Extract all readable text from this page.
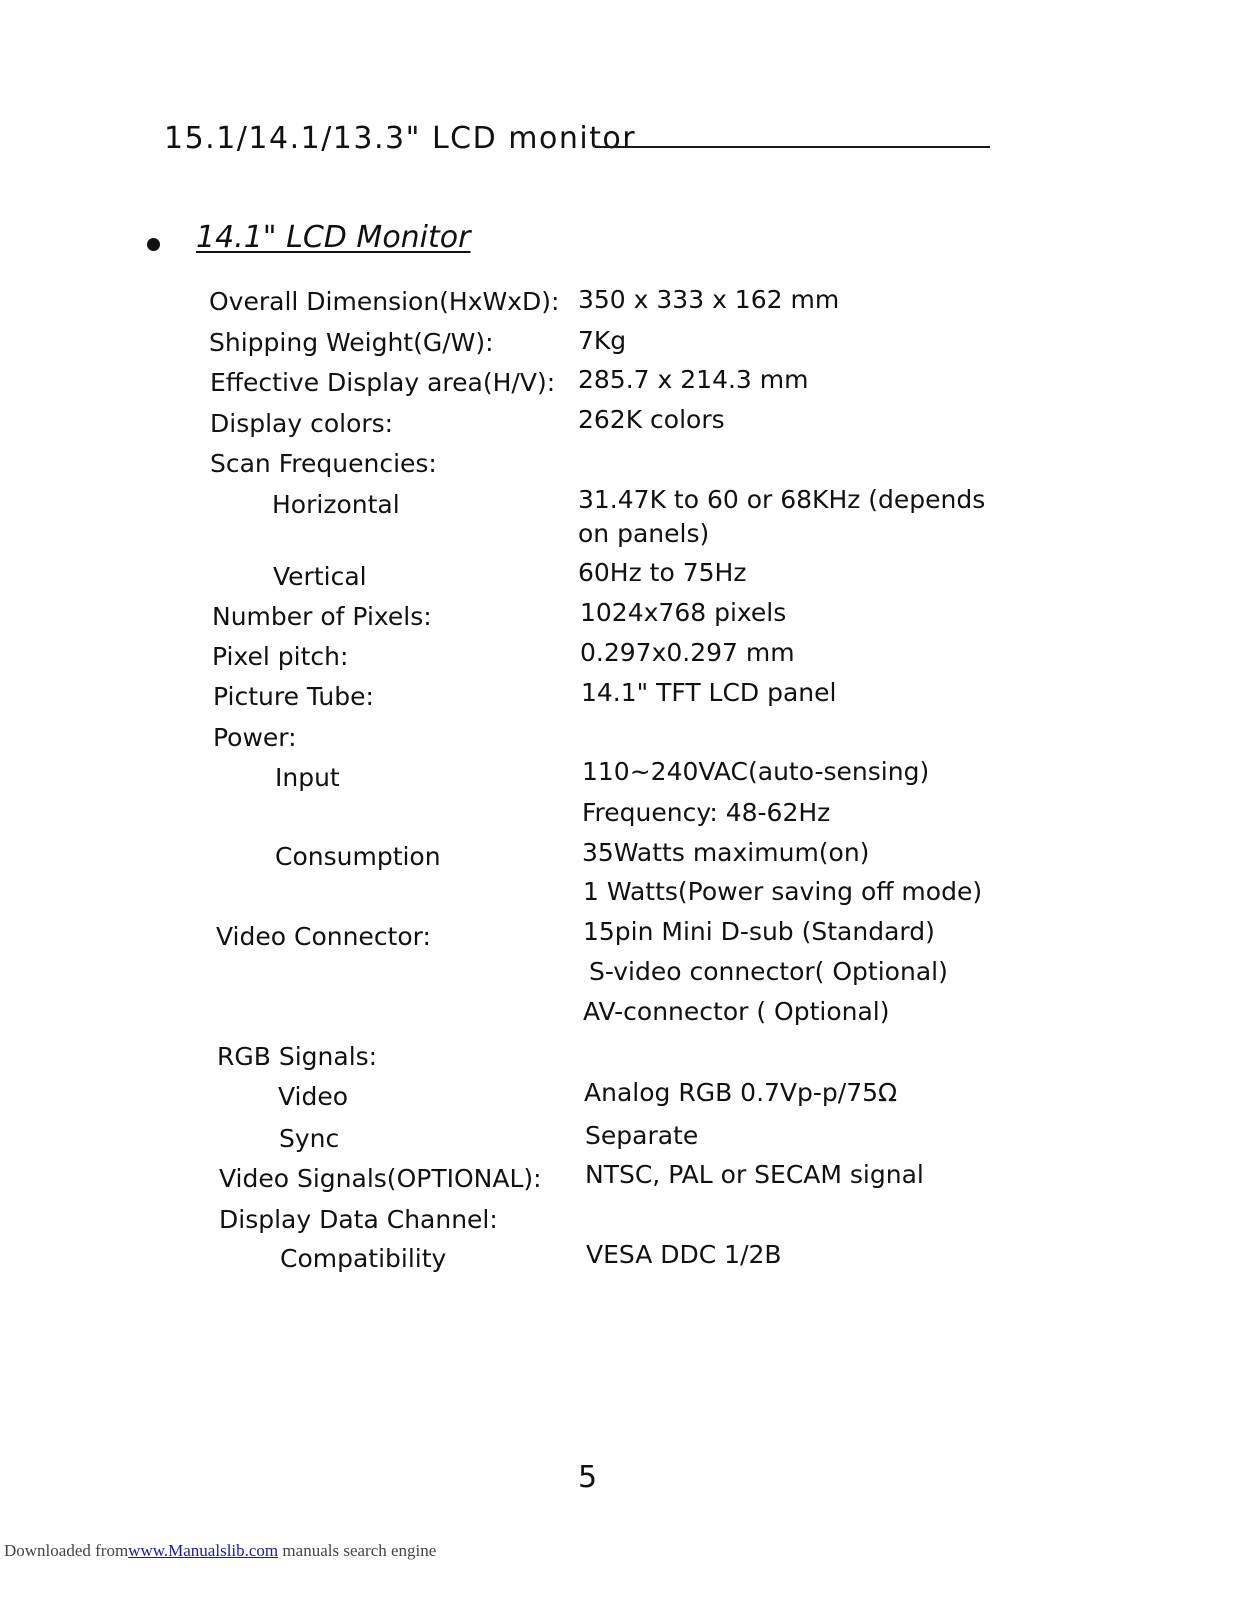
15.1/14.1/13.3" LCD monitor
14.1" LCD Monitor
Overall Dimension(HxWxD): 350 x 333 x 162 mm
Shipping Weight(G/W):	7Kg
Effective Display area(H/V): 285.7 x 214.3 mm
Display colors:	262K colors
Scan Frequencies:
Horizontal	31.47K to 60 or 68KHz (depends on panels)
Vertical	60Hz to 75Hz
Number of Pixels:	1024x768 pixels
Pixel pitch:	0.297x0.297 mm
Picture Tube:	14.1" TFT LCD panel
Power:
Input	110~240VAC(auto-sensing)
Frequency: 48-62Hz
Consumption	35Watts maximum(on)
1 Watts(Power saving off mode)
Video Connector:	15pin Mini D-sub (Standard)
S-video connector( Optional)
AV-connector ( Optional)
RGB Signals:
Video	Analog RGB 0.7Vp-p/75Ω
Sync	Separate
Video Signals(OPTIONAL): NTSC, PAL or SECAM signal
Display Data Channel:
Compatibility	VESA DDC 1/2B
5
Downloaded fromwww.Manualslib.com manuals search engine
